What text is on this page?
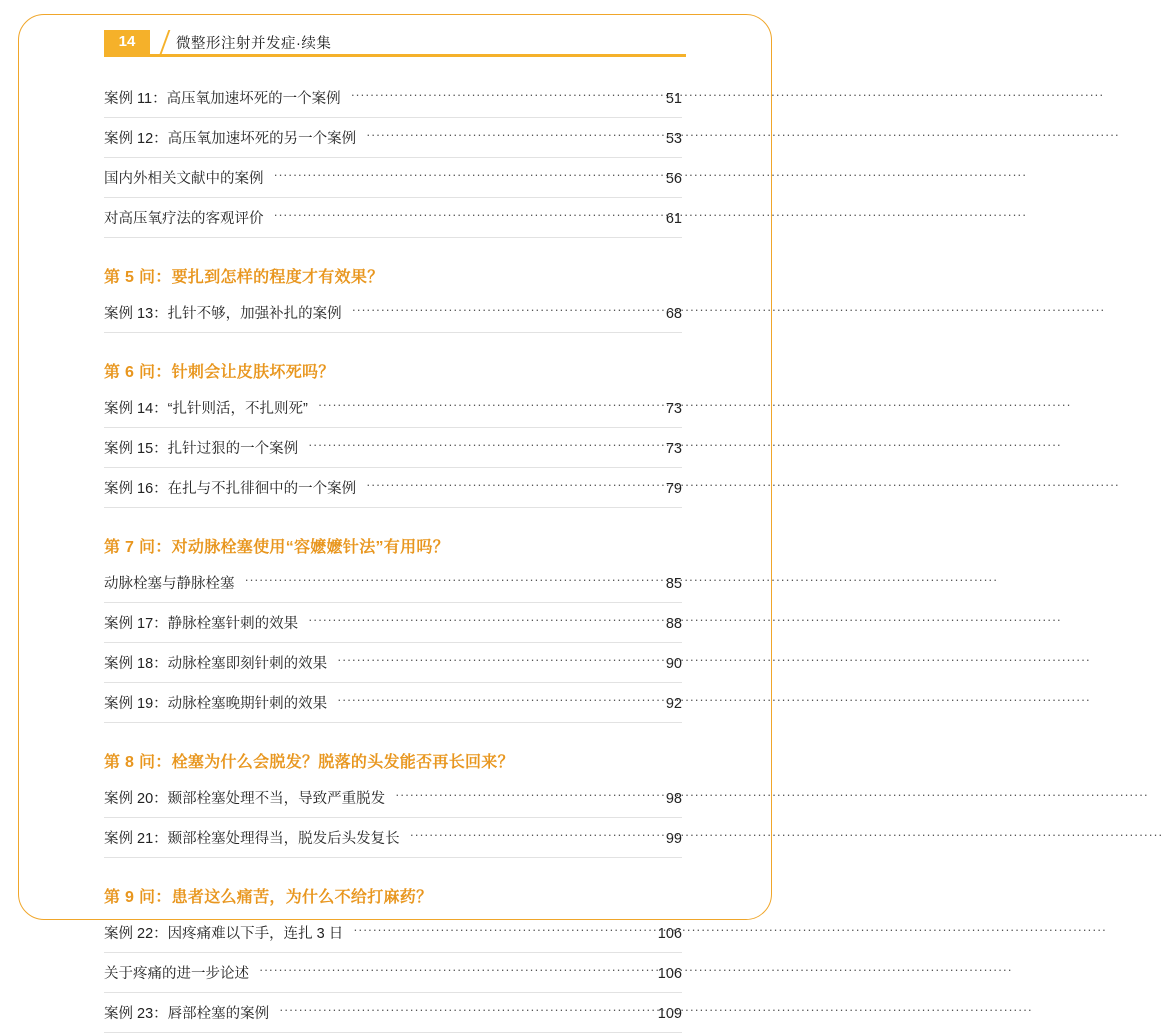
14	微整形注射并发症·续集
案例 11：高压氧加速坏死的一个案例 ·····	51
案例 12：高压氧加速坏死的另一个案例 ·····	53
国内外相关文献中的案例 ·····	56
对高压氧疗法的客观评价 ·····	61
第 5 问：要扎到怎样的程度才有效果？
案例 13：扎针不够，加强补扎的案例 ·····	68
第 6 问：针刺会让皮肤坏死吗？
案例 14：“扎针则活，不扎则死” ·····	73
案例 15：扎针过狠的一个案例 ·····	73
案例 16：在扎与不扎徘徊中的一个案例 ·····	79
第 7 问：对动脉栓塞使用“容嬷嬷针法”有用吗？
动脉栓塞与静脉栓塞 ·····	85
案例 17：静脉栓塞针刺的效果 ·····	88
案例 18：动脉栓塞即刻针刺的效果 ·····	90
案例 19：动脉栓塞晚期针刺的效果 ·····	92
第 8 问：栓塞为什么会脱发？脱落的头发能否再长回来？
案例 20：颞部栓塞处理不当，导致严重脱发 ·····	98
案例 21：颞部栓塞处理得当，脱发后头发复长 ·····	99
第 9 问：患者这么痛苦，为什么不给打麻药？
案例 22：因疼痛难以下手，连扎 3 日 ·····	106
关于疼痛的进一步论述 ·····	106
案例 23：唇部栓塞的案例 ·····	109
